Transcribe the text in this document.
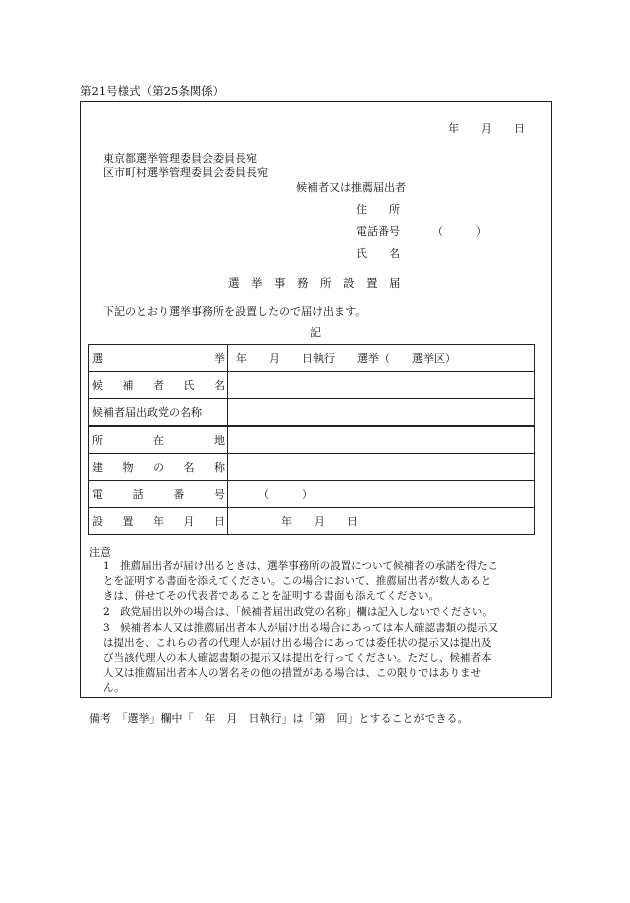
第21号様式（第25条関係）
年　　月　　日
東京都選挙管理委員会委員長宛
区市町村選挙管理委員会委員長宛
候補者又は推薦届出者
住　　所
電話番号	（　　　）
氏　　名
選　挙　事　務　所　設　置　届
下記のとおり選挙事務所を設置したので届け出ます。
記
選 挙	年　　月　　日執行　　選挙（　　選挙区）

候 補 者 氏 名	

候補者届出政党の名称	

所 在 地	

建 物 の 名 称	

電 話 番 号	（　　　）

設 置 年 月 日	　　　年　　月　　日
注意
1　推薦届出者が届け出るときは、選挙事務所の設置について候補者の承諾を得たこ
とを証明する書面を添えてください。この場合において、推薦届出者が数人あると
きは、併せてその代表者であることを証明する書面も添えてください。
2　政党届出以外の場合は、「候補者届出政党の名称」欄は記入しないでください。
3　候補者本人又は推薦届出者本人が届け出る場合にあっては本人確認書類の提示又
は提出を、これらの者の代理人が届け出る場合にあっては委任状の提示又は提出及
び当該代理人の本人確認書類の提示又は提出を行ってください。ただし、候補者本
人又は推薦届出者本人の署名その他の措置がある場合は、この限りではありませ
ん。
備考　「選挙」欄中「　年　月　日執行」は「第　回」とすることができる。
